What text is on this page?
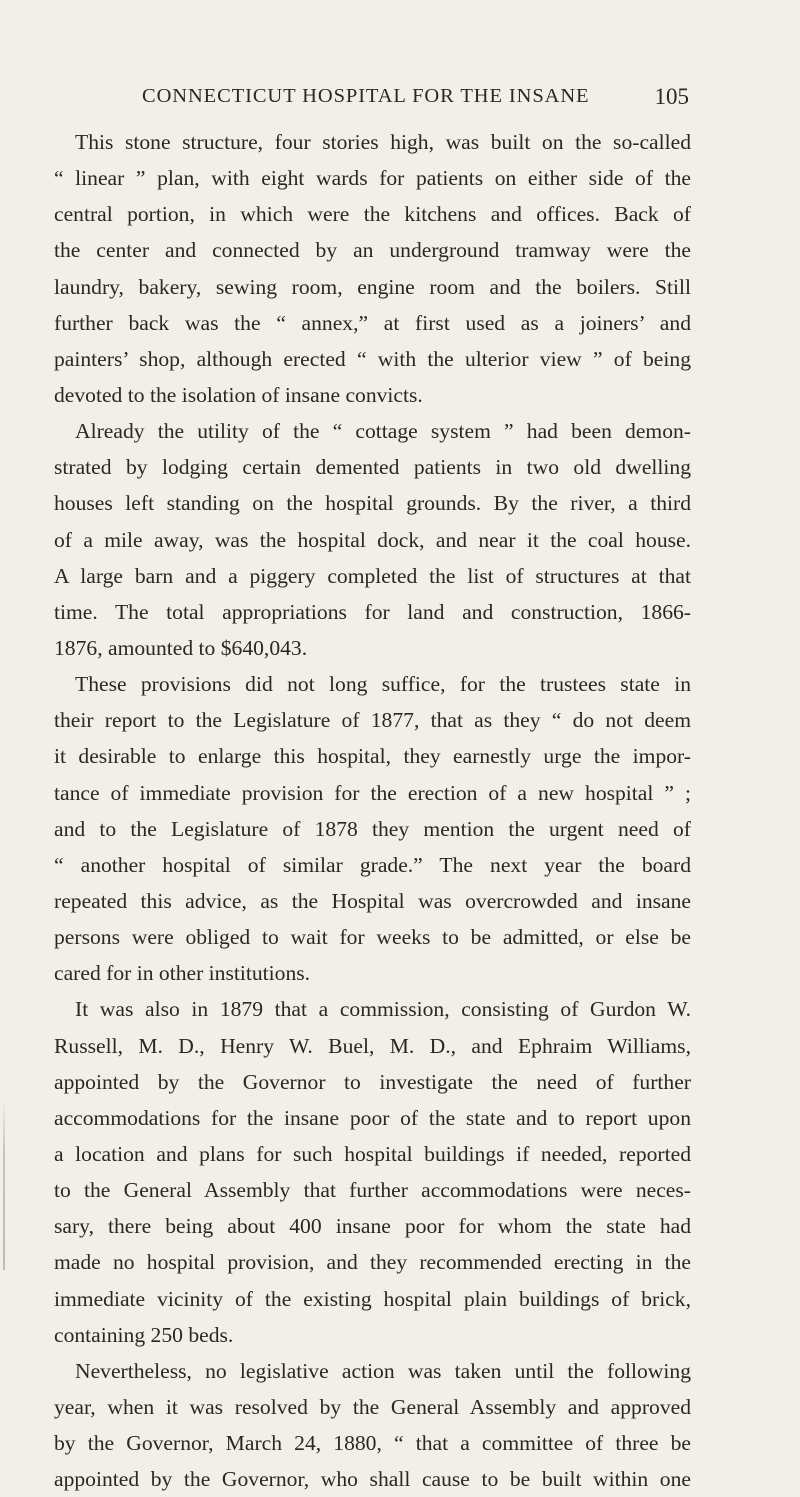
CONNECTICUT HOSPITAL FOR THE INSANE	105
This stone structure, four stories high, was built on the so-called
“ linear ” plan, with eight wards for patients on either side of the
central portion, in which were the kitchens and offices. Back of
the center and connected by an underground tramway were the
laundry, bakery, sewing room, engine room and the boilers. Still
further back was the “ annex,” at first used as a joiners’ and
painters’ shop, although erected “ with the ulterior view ” of being
devoted to the isolation of insane convicts.
Already the utility of the “ cottage system ” had been demon-
strated by lodging certain demented patients in two old dwelling
houses left standing on the hospital grounds. By the river, a third
of a mile away, was the hospital dock, and near it the coal house.
A large barn and a piggery completed the list of structures at that
time. The total appropriations for land and construction, 1866-
1876, amounted to $640,043.
These provisions did not long suffice, for the trustees state in
their report to the Legislature of 1877, that as they “ do not deem
it desirable to enlarge this hospital, they earnestly urge the impor-
tance of immediate provision for the erection of a new hospital ” ;
and to the Legislature of 1878 they mention the urgent need of
“ another hospital of similar grade.” The next year the board
repeated this advice, as the Hospital was overcrowded and insane
persons were obliged to wait for weeks to be admitted, or else be
cared for in other institutions.
It was also in 1879 that a commission, consisting of Gurdon W.
Russell, M. D., Henry W. Buel, M. D., and Ephraim Williams,
appointed by the Governor to investigate the need of further
accommodations for the insane poor of the state and to report upon
a location and plans for such hospital buildings if needed, reported
to the General Assembly that further accommodations were neces-
sary, there being about 400 insane poor for whom the state had
made no hospital provision, and they recommended erecting in the
immediate vicinity of the existing hospital plain buildings of brick,
containing 250 beds.
Nevertheless, no legislative action was taken until the following
year, when it was resolved by the General Assembly and approved
by the Governor, March 24, 1880, “ that a committee of three be
appointed by the Governor, who shall cause to be built within one
